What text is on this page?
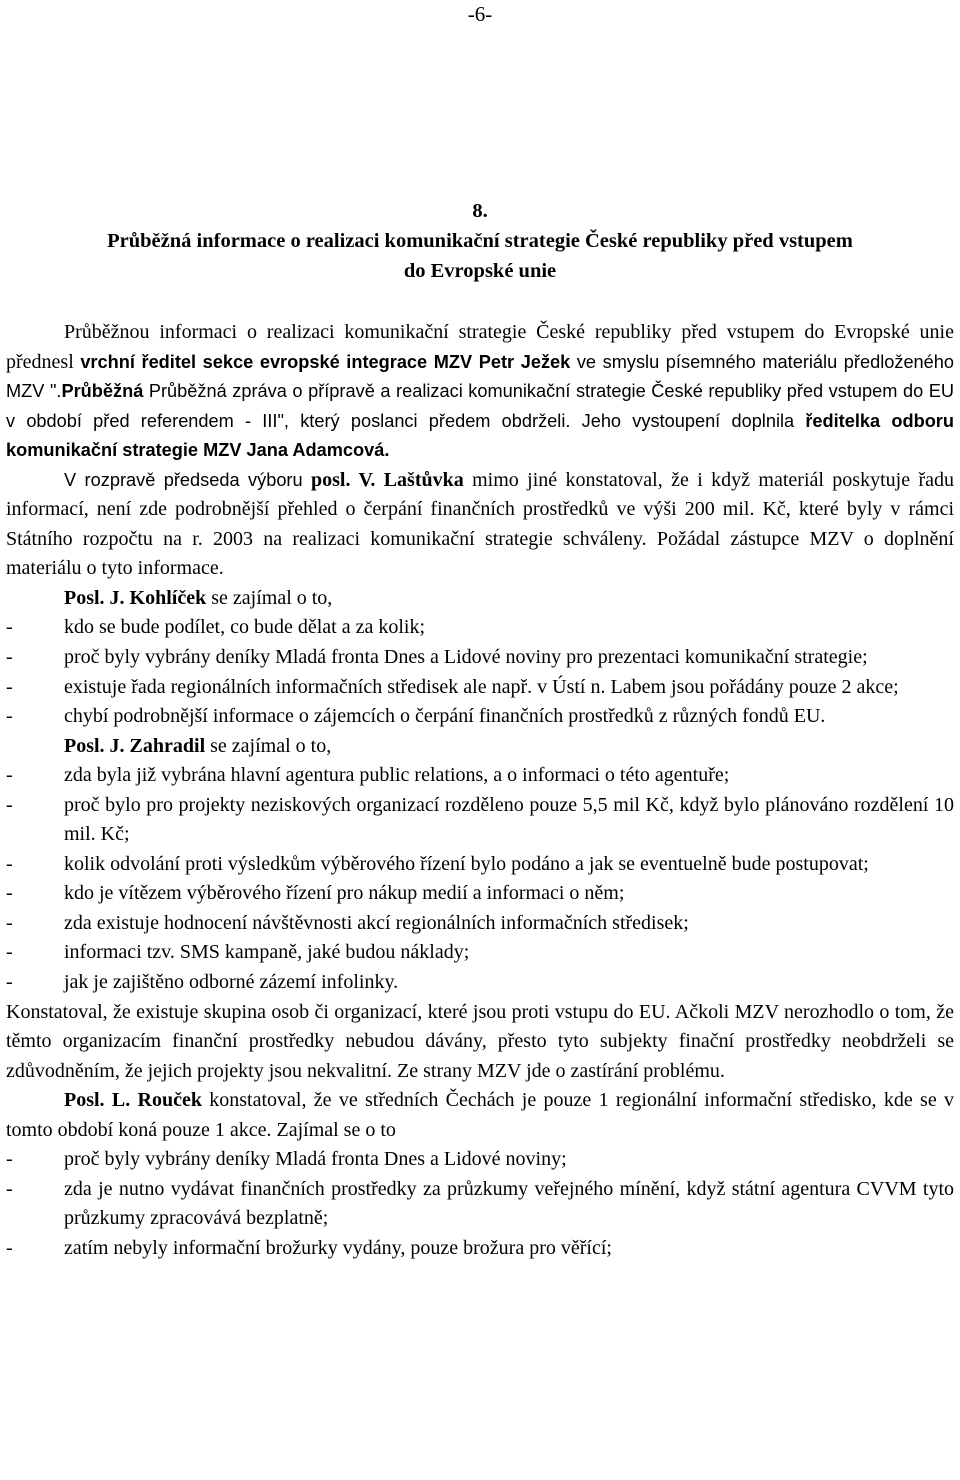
-6-
8.
Průběžná informace o realizaci komunikační strategie České republiky před vstupem
do Evropské unie

Průběžnou informaci o realizaci komunikační strategie České republiky před vstupem do Evropské unie přednesl vrchní ředitel sekce evropské integrace MZV Petr Ježek ve smyslu písemného materiálu předloženého MZV ".Průběžná Průběžná zpráva o přípravě a realizaci komunikační strategie České republiky před vstupem do EU v období před referendem - III", který poslanci předem obdrželi. Jeho vystoupení doplnila ředitelka odboru komunikační strategie MZV Jana Adamcová.

V rozpravě předseda výboru posl. V. Laštůvka mimo jiné konstatoval, že i když materiál poskytuje řadu informací, není zde podrobnější přehled o čerpání finančních prostředků ve výši 200 mil. Kč, které byly v rámci Státního rozpočtu na r. 2003 na realizaci komunikační strategie schváleny. Požádal zástupce MZV o doplnění materiálu o tyto informace.

Posl. J. Kohlíček se zajímal o to,

-	kdo se bude podílet, co bude dělat a za kolik;
-	proč byly vybrány deníky Mladá fronta Dnes a Lidové noviny pro prezentaci komunikační strategie;
-	existuje řada regionálních informačních středisek ale např. v Ústí n. Labem jsou pořádány pouze 2 akce;
-	chybí podrobnější informace o zájemcích o čerpání finančních prostředků z různých fondů EU.

Posl. J. Zahradil se zajímal o to,

-	zda byla již vybrána hlavní agentura public relations, a o informaci o této agentuře;
-	proč bylo pro projekty neziskových organizací rozděleno pouze 5,5 mil Kč, když bylo plánováno rozdělení 10 mil. Kč;
-	kolik odvolání proti výsledkům výběrového řízení bylo podáno a jak se eventuelně bude postupovat;
-	kdo je vítězem výběrového řízení pro nákup medií a informaci o něm;
-	zda existuje hodnocení návštěvnosti akcí regionálních informačních středisek;
-	informaci tzv. SMS kampaně, jaké budou náklady;
-	jak je zajištěno odborné zázemí infolinky.

Konstatoval, že existuje skupina osob či organizací, které jsou proti vstupu do EU. Ačkoli MZV nerozhodlo o tom, že těmto organizacím finanční prostředky nebudou dávány, přesto tyto subjekty finační prostředky neobdrželi se zdůvodněním, že jejich projekty jsou nekvalitní. Ze strany MZV jde o zastírání problému.

Posl. L. Rouček konstatoval, že ve středních Čechách je pouze 1 regionální informační středisko, kde se v tomto období koná pouze 1 akce. Zajímal se o to

-	proč byly vybrány deníky Mladá fronta Dnes a Lidové noviny;
-	zda je nutno vydávat finančních prostředky za průzkumy veřejného mínění, když státní agentura CVVM tyto průzkumy zpracovává bezplatně;
-	zatím nebyly informační brožurky vydány, pouze brožura pro věřící;
